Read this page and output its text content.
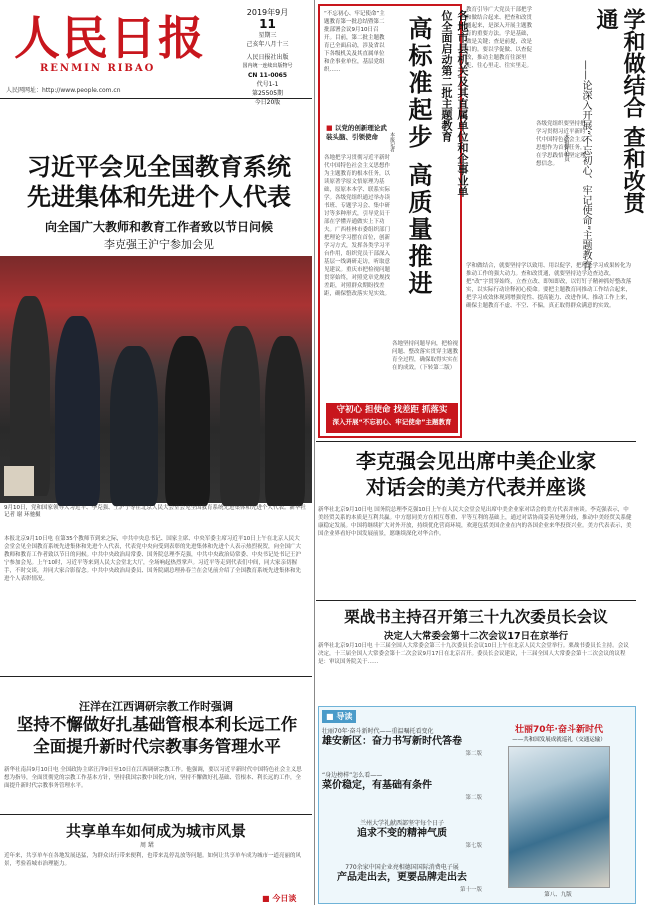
人民日报
RENMIN RIBAO
人民网网址：http://www.people.com.cn
2019年9月
11
星期三
己亥年八月十三
人民日报社出版
国内统一连续出版物号
CN 11-0065
代号1-1
第25505期
今日20版
习近平会见全国教育系统
先进集体和先进个人代表
向全国广大教师和教育工作者致以节日问候
李克强王沪宁参加会见
9月10日，党和国家领导人习近平、李克强、王沪宁等在北京人民大会堂会见全国教育系统先进集体和先进个人代表。新华社记者 谢 环驰摄
本报北京9月10日电 在第35个教师节到来之际，中共中央总书记、国家主席、中央军委主席习近平10日上午在北京人民大会堂会见全国教育系统先进集体和先进个人代表，代表党中央向受到表彰的先进集体和先进个人表示热烈祝贺，向全国广大教师和教育工作者致以节日的问候。中共中央政治局常委、国务院总理李克强，中共中央政治局常委、中央书记处书记王沪宁参加会见。上午10时，习近平等来到人民大会堂北大厅，全场响起热烈掌声。习近平等走到代表们中间，同大家亲切握手，不时交谈，并同大家合影留念。中共中央政治局委员、国务院副总理孙春兰在会见前介绍了全国教育系统先进集体和先进个人表彰情况。
汪洋在江西调研宗教工作时强调
坚持不懈做好扎基础管根本利长远工作
全面提升新时代宗教事务管理水平
新华社南昌9月10日电 全国政协主席汪洋9日至10日在江西调研宗教工作。他强调，要以习近平新时代中国特色社会主义思想为指导，全面贯彻党的宗教工作基本方针，坚持我国宗教中国化方向，坚持不懈做好扎基础、管根本、利长远的工作，全面提升新时代宗教事务管理水平。
共享单车如何成为城市风景
周 珺
近年来，共享单车在各地发展迅猛，为群众出行带来便利，也带来乱停乱放等问题。如何让共享单车成为城市一道亮丽的风景，考验着城市治理能力。
“不忘初心、牢记使命”主题教育第一批总结暨第二批部署会议9月10日召开。目前，第二批主题教育已全面启动，涉及省以下各级机关及其直属单位和企事业单位，基层党组织……	各地市县机关及其直属单位和企事业单位全面启动第二批主题教育
高标准起步 高质量推进
■ 以党的创新理论武装头脑、引领使命	本报记者
各地把学习贯彻习近平新时代中国特色社会主义思想作为主题教育的根本任务，以读原著学原文悟原理为基础，原原本本学、联系实际学。各级党组织通过举办读书班、专题学习会、集中研讨等多种形式，引导党员干部在学懂弄通做实上下功夫。广西桂林市委组织部门把理论学习摆在首位，创新学习方式，发挥各类学习平台作用，组织党员干部深入基层一线调研走访，听取意见建议。重庆市把检视问题贯穿始终，对照党章党规找差距，对照群众期盼找差距，确保整改落实见实效。
各地坚持问题导向，把检视问题、整改落实贯穿主题教育全过程，确保取得实实在在的成效。（下转第二版）
守初心 担使命 找差距 抓落实
深入开展“不忘初心、牢记使命”主题教育
教育引导广大党员干部把学和做结合起来、把查和改贯通起来，是深入开展主题教育的重要方法。学是基础，做是关键；查是前提，改是目的。要以学促做、以查促改，推动主题教育往深里走、往心里走、往实里走。
各级党组织要坚持把学习贯彻习近平新时代中国特色社会主义思想作为首要任务，在学思践悟中坚定理想信念。
学和做结合 查和改贯通
——论深入开展“不忘初心、牢记使命”主题教育
本报评论员
学和做结合，就要坚持学以致用、用以促学，把理论学习成果转化为推动工作的强大动力。查和改贯通，就要坚持边学边查边改，把“改”字贯穿始终，立查立改、即知即改，以钉钉子精神抓好整改落实，以实际行动诠释初心使命。要把主题教育同推动工作结合起来，把学习成效体现到增强党性、提高能力、改进作风、推动工作上来，确保主题教育不虚、不空、不偏，真正取得群众满意的实效。
李克强会见出席中美企业家
对话会的美方代表并座谈
新华社北京9月10日电 国务院总理李克强10日上午在人民大会堂会见出席中美企业家对话会的美方代表并座谈。李克强表示，中美经贸关系的本质是互利共赢。中方愿同美方在相互尊重、平等互利的基础上，通过对话协商妥善处理分歧，推动中美经贸关系健康稳定发展。中国将继续扩大对外开放，持续优化营商环境，欢迎包括美国企业在内的各国企业来华投资兴业。美方代表表示，美国企业界看好中国发展前景，愿继续深化对华合作。
栗战书主持召开第三十九次委员长会议
决定人大常委会第十二次会议17日在京举行
新华社北京9月10日电 十三届全国人大常委会第三十九次委员长会议10日上午在北京人民大会堂举行。栗战书委员长主持。会议决定，十三届全国人大常委会第十二次会议9月17日在北京召开。委员长会议建议，十三届全国人大常委会第十二次会议的议程是：审议国务院关于……
■ 导读
壮丽70年·奋斗新时代——重温嘱托看变化
雄安新区：奋力书写新时代答卷
第二版
“身边榜样”怎么看——
菜价稳定，有基础有条件
第二版
兰州大学礼献西部坚守每个日子
追求不变的精神气质
第七版
770余家中国企业亮相德国国际消费电子展
产品走出去，更要品牌走出去
第十一版
壮丽70年·奋斗新时代
——共和国发展成就巡礼（交通运输）
第八、九版
■ 今日谈
